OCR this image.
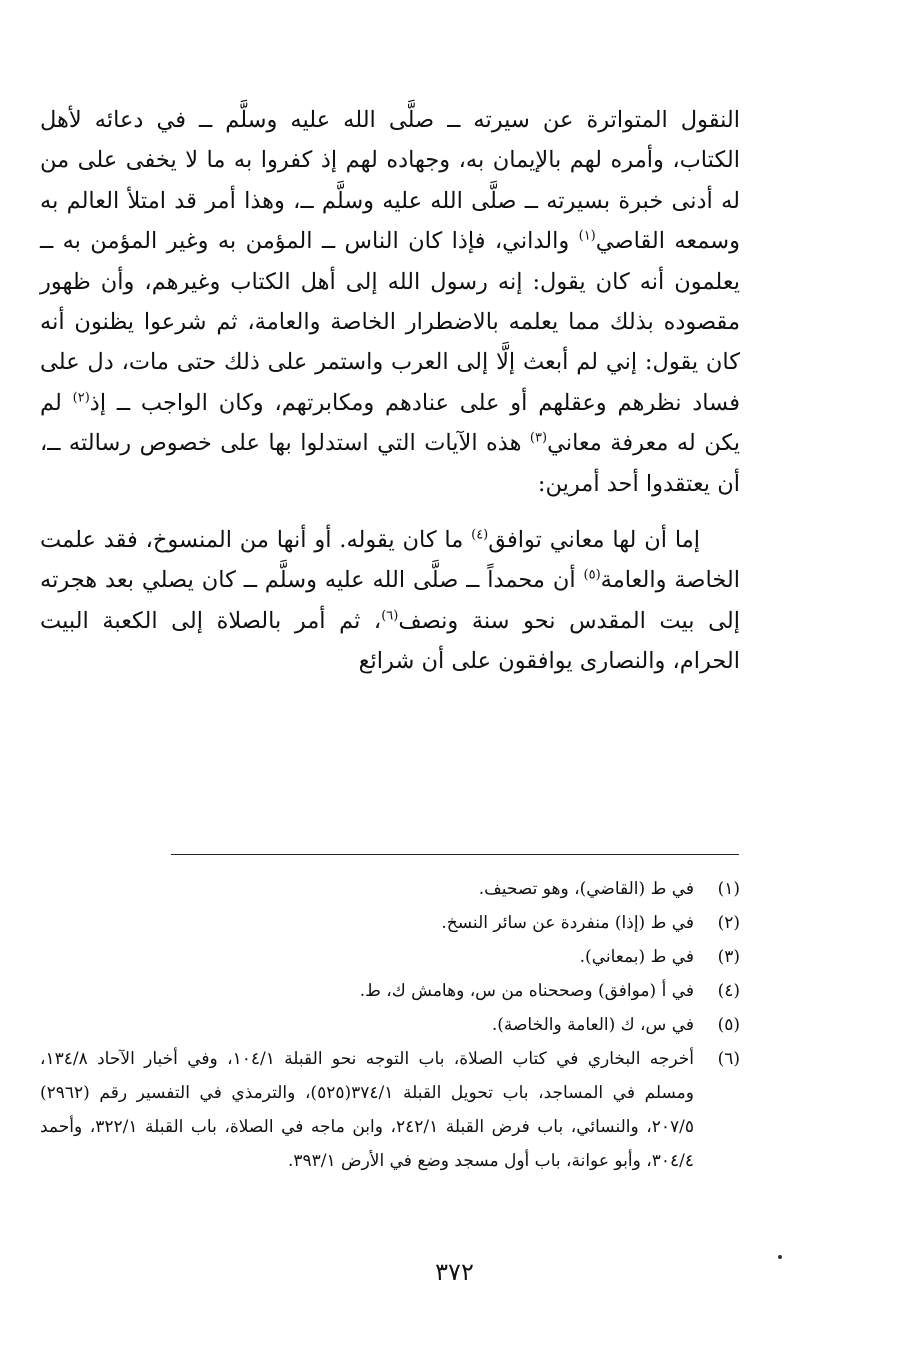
النقول المتواترة عن سيرته ــ صلَّى الله عليه وسلَّم ــ في دعائه لأهل الكتاب، وأمره لهم بالإيمان به، وجهاده لهم إذ كفروا به ما لا يخفى على من له أدنى خبرة بسيرته ــ صلَّى الله عليه وسلَّم ــ، وهذا أمر قد امتلأ العالم به وسمعه القاصي$^{(١)}$ والداني، فإذا كان الناس ــ المؤمن به وغير المؤمن به ــ يعلمون أنه كان يقول: إنه رسول الله إلى أهل الكتاب وغيرهم، وأن ظهور مقصوده بذلك مما يعلمه بالاضطرار الخاصة والعامة، ثم شرعوا يظنون أنه كان يقول: إني لم أبعث إلَّا إلى العرب واستمر على ذلك حتى مات، دل على فساد نظرهم وعقلهم أو على عنادهم ومكابرتهم، وكان الواجب ــ إذ$^{(٢)}$ لم يكن له معرفة معاني$^{(٣)}$ هذه الآيات التي استدلوا بها على خصوص رسالته ــ، أن يعتقدوا أحد أمرين:

إما أن لها معاني توافق$^{(٤)}$ ما كان يقوله. أو أنها من المنسوخ، فقد علمت الخاصة والعامة$^{(٥)}$ أن محمداً ــ صلَّى الله عليه وسلَّم ــ كان يصلي بعد هجرته إلى بيت المقدس نحو سنة ونصف$^{(٦)}$، ثم أمر بالصلاة إلى الكعبة البيت الحرام، والنصارى يوافقون على أن شرائع

(١)
في ط (القاضي)، وهو تصحيف.
(٢)
في ط (إذا) منفردة عن سائر النسخ.
(٣)
في ط (بمعاني).
(٤)
في أ (موافق) وصححناه من س، وهامش ك، ط.
(٥)
في س، ك (العامة والخاصة).
(٦)
أخرجه البخاري في كتاب الصلاة، باب التوجه نحو القبلة ١٠٤/١، وفي أخبار الآحاد ١٣٤/٨، ومسلم في المساجد، باب تحويل القبلة ٣٧٤/١(٥٢٥)، والترمذي في التفسير رقم (٢٩٦٢) ٢٠٧/٥، والنسائي، باب فرض القبلة ٢٤٢/١، وابن ماجه في الصلاة، باب القبلة ٣٢٢/١، وأحمد ٣٠٤/٤، وأبو عوانة، باب أول مسجد وضع في الأرض ٣٩٣/١.
٣٧٢
